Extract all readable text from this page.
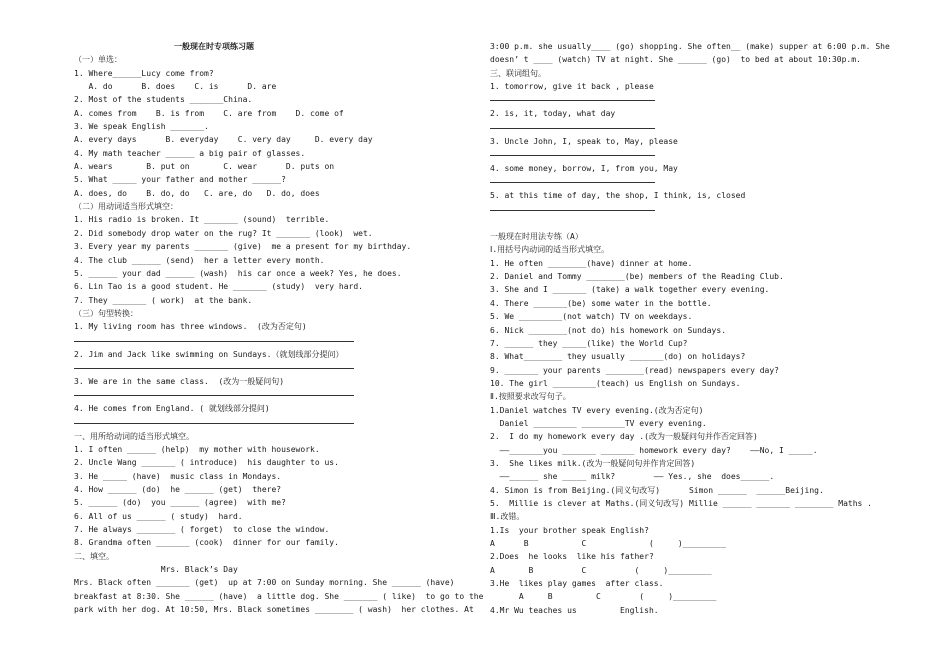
一般现在时专项练习题
（一）单选：
1. Where______Lucy come from?
A. do      B. does    C. is      D. are
2. Most of the students _______China.
A. comes from    B. is from    C. are from    D. come of
3. We speak English _______.
A. every days      B. everyday    C. very day     D. every day
4. My math teacher ______ a big pair of glasses.
A. wears       B. put on       C. wear      D. puts on
5. What _____ your father and mother ______?
A. does, do    B. do, do   C. are, do   D. do, does
（二）用动词适当形式填空：
1. His radio is broken. It _______ (sound)  terrible.
2. Did somebody drop water on the rug? It _______ (look)  wet.
3. Every year my parents _______ (give)  me a present for my birthday.
4. The club ______ (send)  her a letter every month.
5. ______ your dad ______ (wash)  his car once a week? Yes, he does.
6. Lin Tao is a good student. He _______ (study)  very hard.
7. They _______ ( work)  at the bank.
（三）句型转换：
1. My living room has three windows.  (改为否定句)
2. Jim and Jack like swimming on Sundays.（就划线部分提问）
3. We are in the same class.  (改为一般疑问句)
4. He comes from England. ( 就划线部分提问)
一、用所给动词的适当形式填空。
1. I often ______ (help)  my mother with housework.
2. Uncle Wang _______ ( introduce)  his daughter to us.
3. He _____ (have)  music class in Mondays.
4. How ______ (do)  he ______ (get)  there?
5. ______ (do)  you ______ (agree)  with me?
6. All of us ______ ( study)  hard.
7. He always ________ ( forget)  to close the window.
8. Grandma often _______ (cook)  dinner for our family.
二、填空。
Mrs. Black’s Day
Mrs. Black often _______ (get)  up at 7:00 on Sunday morning. She ______ (have)
breakfast at 8:30. She ______ (have)  a little dog. She _______ ( like)  to go to the
park with her dog. At 10:50, Mrs. Black sometimes ________ ( wash)  her clothes. At
3:00 p.m. she usually____ (go) shopping. She often__ (make) supper at 6:00 p.m. She
doesn’ t ____ (watch) TV at night. She ______ (go)  to bed at about 10:30p.m.
三、联词组句。
1. tomorrow, give it back , please
2. is, it, today, what day
3. Uncle John, I, speak to, May, please
4. some money, borrow, I, from you, May
5. at this time of day, the shop, I think, is, closed
一般现在时用法专练（A）
Ⅰ.用括号内动词的适当形式填空。
1. He often ________(have) dinner at home.
2. Daniel and Tommy ________(be) members of the Reading Club.
3. She and I _______ (take) a walk together every evening.
4. There _______(be) some water in the bottle.
5. We _________(not watch) TV on weekdays.
6. Nick ________(not do) his homework on Sundays.
7. ______ they _____(like) the World Cup?
8. What________ they usually _______(do) on holidays?
9. _______ your parents ________(read) newspapers every day?
10. The girl _________(teach) us English on Sundays.
Ⅱ.按照要求改写句子。
1.Daniel watches TV every evening.(改为否定句)
Daniel _________ _________TV every evening.
2.  I do my homework every day .(改为一般疑问句并作否定回答)
——_______you _______ _______ homework every day?    ——No, I _____.
3.  She likes milk.(改为一般疑问句并作肯定回答)
——______ she _____ milk?        —— Yes., she  does______.
4. Simon is from Beijing.(同义句改写)      Simon ______  ______Beijing.
5.  Millie is clever at Maths.(同义句改写) Millie ______ _______ ________ Maths .
Ⅲ.改错。
1.Is  your brother speak English?
A      B           C             (     )_________
2.Does  he looks  like his father?
A       B          C          (     )_________
3.He  likes play games  after class.
A     B         C        (     )_________
4.Mr Wu teaches us         English.
